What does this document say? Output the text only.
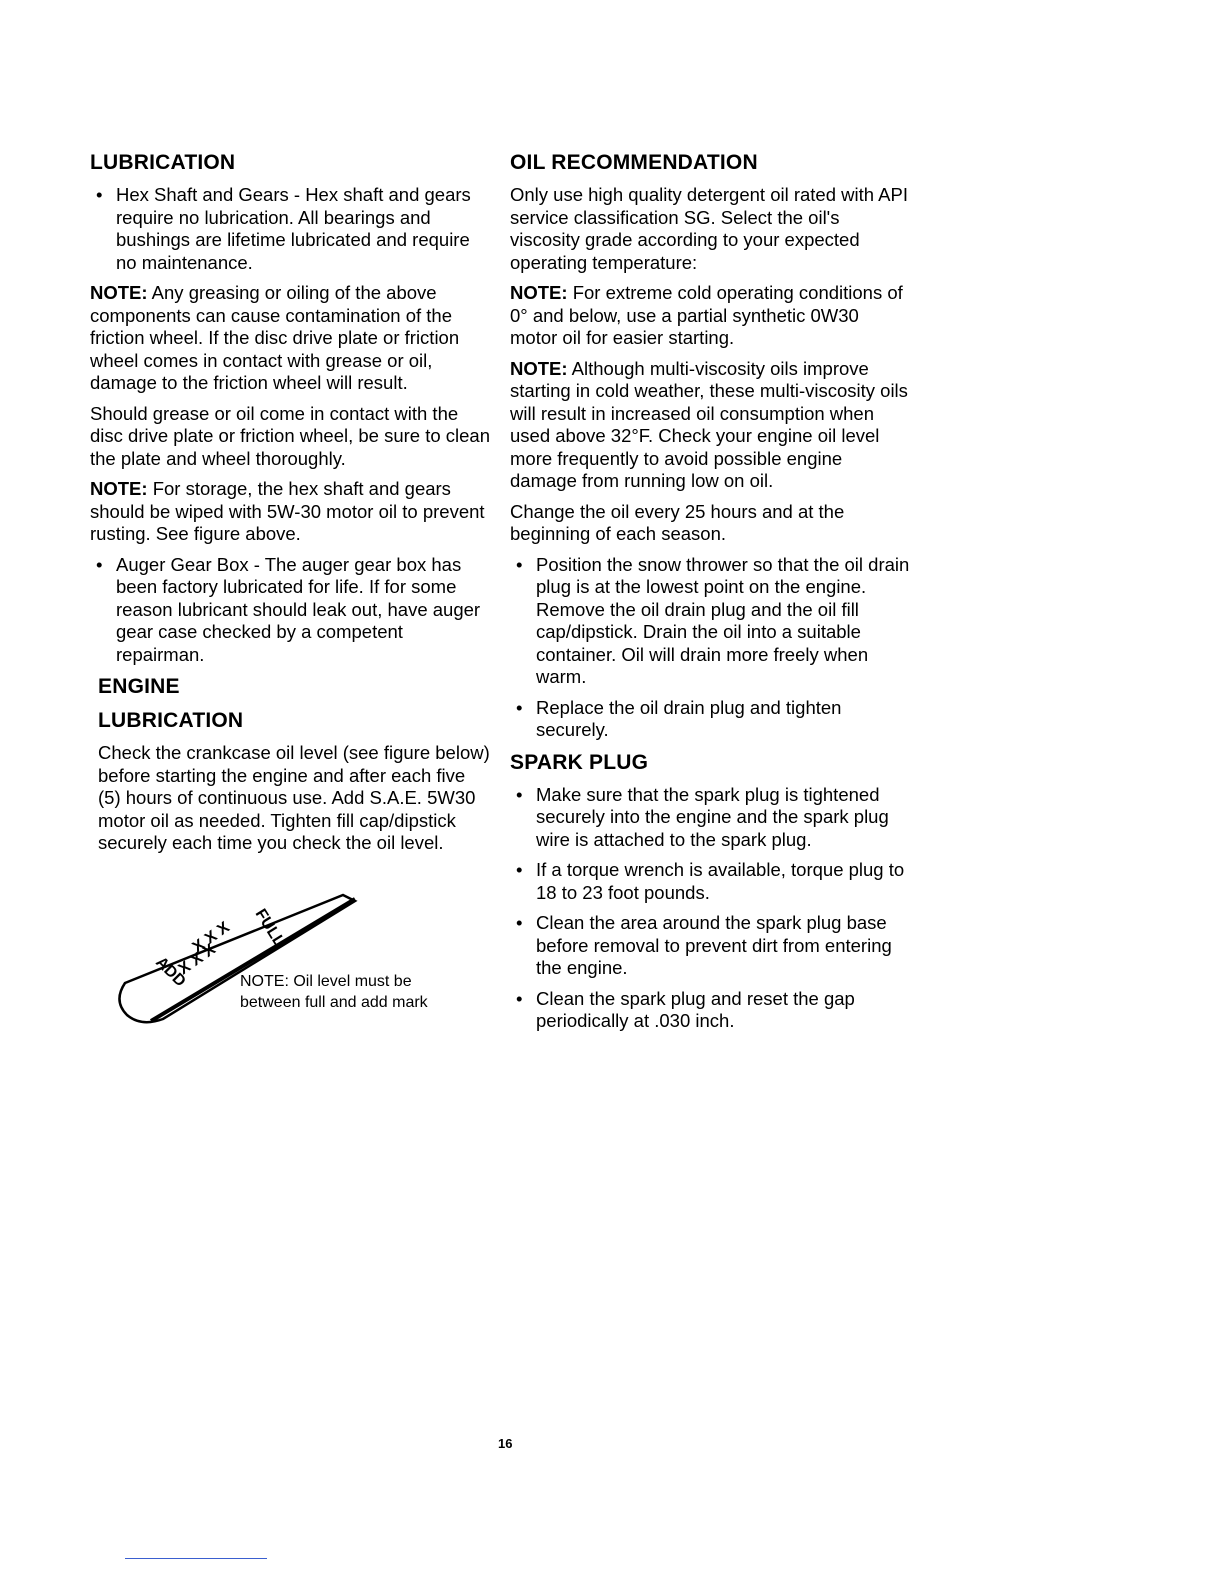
LUBRICATION
• Hex Shaft and Gears - Hex shaft and gears require no lubrication. All bearings and bushings are lifetime lubricated and require no maintenance.

NOTE: Any greasing or oiling of the above components can cause contamination of the friction wheel. If the disc drive plate or friction wheel comes in contact with grease or oil, damage to the friction wheel will result.

Should grease or oil come in contact with the disc drive plate or friction wheel, be sure to clean the plate and wheel thoroughly.

NOTE: For storage, the hex shaft and gears should be wiped with 5W-30 motor oil to prevent rusting. See figure above.

• Auger Gear Box - The auger gear box has been factory lubricated for life. If for some reason lubricant should leak out, have auger gear case checked by a competent repairman.
ENGINE
LUBRICATION

Check the crankcase oil level (see figure below) before starting the engine and after each five (5) hours of continuous use. Add S.A.E. 5W30 motor oil as needed. Tighten fill cap/dipstick securely each time you check the oil level.

FULL
ADD
X X X
X X X
NOTE: Oil level must be
between full and add mark
OIL RECOMMENDATION

Only use high quality detergent oil rated with API service classification SG. Select the oil's viscosity grade according to your expected operating temperature:

NOTE: For extreme cold operating conditions of 0° and below, use a partial synthetic 0W30 motor oil for easier starting.

NOTE: Although multi-viscosity oils improve starting in cold weather, these multi-viscosity oils will result in increased oil consumption when used above 32°F. Check your engine oil level more frequently to avoid possible engine damage from running low on oil.

Change the oil every 25 hours and at the beginning of each season.

• Position the snow thrower so that the oil drain plug is at the lowest point on the engine. Remove the oil drain plug and the oil fill cap/dipstick. Drain the oil into a suitable container. Oil will drain more freely when warm.
• Replace the oil drain plug and tighten securely.
SPARK PLUG
• Make sure that the spark plug is tightened securely into the engine and the spark plug wire is attached to the spark plug.
• If a torque wrench is available, torque plug to 18 to 23 foot pounds.
• Clean the area around the spark plug base before removal to prevent dirt from entering the engine.
• Clean the spark plug and reset the gap periodically at .030 inch.
16
